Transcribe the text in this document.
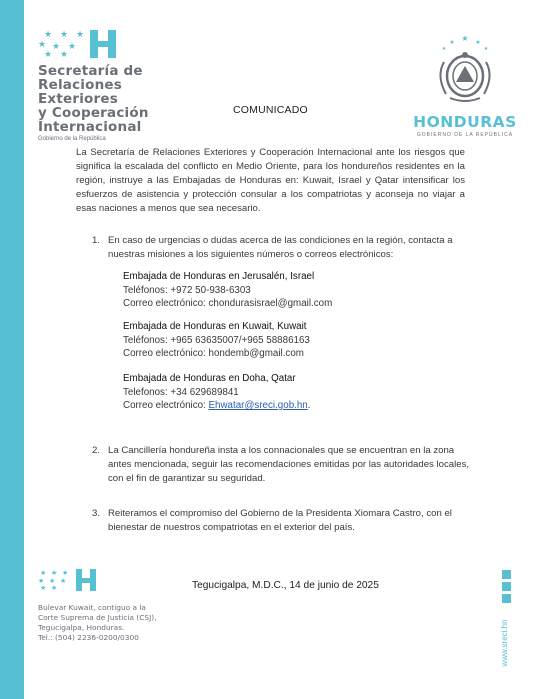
★ ★ ★
★ ★ ★
★ ★
Secretaría de
Relaciones
Exteriores
y Cooperación
Internacional
Gobierno de la República
★
★	★
★	★
HONDURAS
GOBIERNO DE LA REPÚBLICA
COMUNICADO
La Secretaría de Relaciones Exteriores y Cooperación Internacional ante los riesgos que significa la escalada del conflicto en Medio Oriente, para los hondureños residentes en la región, instruye a las Embajadas de Honduras en: Kuwait, Israel y Qatar intensificar los esfuerzos de asistencia y protección consular a los compatriotas y aconseja no viajar a esas naciones a menos que sea necesario.
1. En caso de urgencias o dudas acerca de las condiciones en la región, contacta a nuestras misiones a los siguientes números o correos electrónicos:
Embajada de Honduras en Jerusalén, Israel
Teléfonos: +972 50-938-6303
Correo electrónico: chondurasisrael@gmail.com
Embajada de Honduras en Kuwait, Kuwait
Teléfonos: +965 63635007/+965 58886163
Correo electrónico: hondemb@gmail.com
Embajada de Honduras en Doha, Qatar
Telefonos: +34 629689841
Correo electrónico: Ehwatar@sreci.gob.hn.
2. La Cancillería hondureña insta a los connacionales que se encuentran en la zona antes mencionada, seguir las recomendaciones emitidas por las autoridades locales, con el fin de garantizar su seguridad.
3. Reiteramos el compromiso del Gobierno de la Presidenta Xiomara Castro, con el bienestar de nuestros compatriotas en el exterior del país.
Tegucigalpa, M.D.C., 14 de junio de 2025
★ ★ ★
★ ★ ★
★ ★
Bulevar Kuwait, contiguo a la
Corte Suprema de Justicia (CSJ),
Tegucigalpa, Honduras.
Tel.: (504) 2236-0200/0300	www.sreci.hn
